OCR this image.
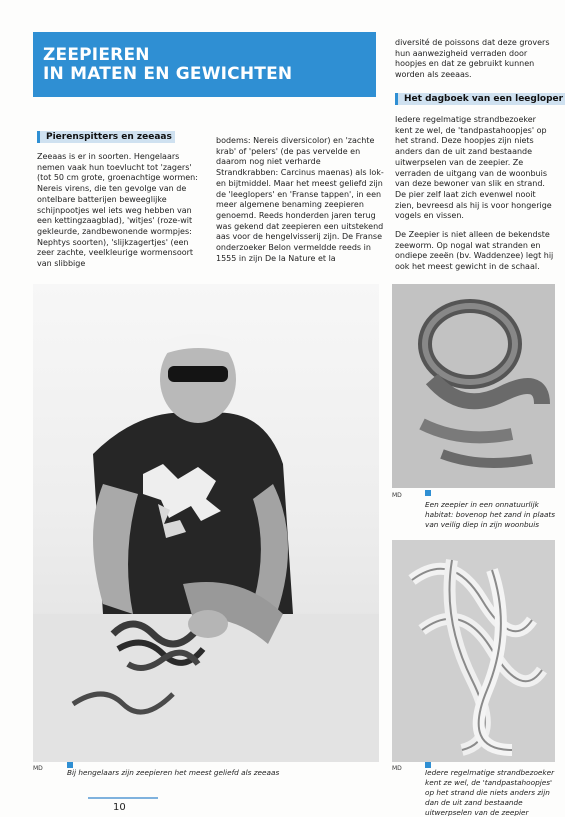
ZEEPIEREN
IN MATEN EN GEWICHTEN
Pierenspitters en zeeaas

Zeeaas is er in soorten. Hengelaars nemen vaak hun toevlucht tot 'zagers' (tot 50 cm grote, groenachtige wormen: Nereis virens, die ten gevolge van de ontelbare batterijen beweeglijke schijnpootjes wel iets weg hebben van een kettingzaagblad), 'witjes' (roze-wit gekleurde, zandbewonende wormpjes: Nephtys soorten), 'slijkzagertjes' (een zeer zachte, veelkleurige wormensoort van slibbige

bodems: Nereis diversicolor) en 'zachte krab' of 'pelers' (de pas vervelde en daarom nog niet verharde Strandkrabben: Carcinus maenas) als lok- en bijtmiddel. Maar het meest geliefd zijn de 'leeglopers' en 'Franse tappen', in een meer algemene benaming zeepieren genoemd. Reeds honderden jaren terug was gekend dat zeepieren een uitstekend aas voor de hengelvisserij zijn. De Franse onderzoeker Belon vermeldde reeds in 1555 in zijn De la Nature et la

diversité de poissons dat deze grovers hun aanwezigheid verraden door hoopjes en dat ze gebruikt kunnen worden als zeeaas.

Het dagboek van een leegloper

Iedere regelmatige strandbezoeker kent ze wel, de 'tandpastahoopjes' op het strand. Deze hoopjes zijn niets anders dan de uit zand bestaande uitwerpselen van de zeepier. Ze verraden de uitgang van de woonbuis van deze bewoner van slik en strand. De pier zelf laat zich evenwel nooit zien, bevreesd als hij is voor hongerige vogels en vissen.

De Zeepier is niet alleen de bekendste zeeworm. Op nogal wat stranden en ondiepe zeeën (bv. Waddenzee) legt hij ook het meest gewicht in de schaal.

MD	Bij hengelaars zijn zeepieren het meest geliefd als zeeaas
MD
Een zeepier in een onnatuurlijk habitat: bovenop het zand in plaats van veilig diep in zijn woonbuis
MD	Iedere regelmatige strandbezoeker kent ze wel, de 'tandpastahoopjes' op het strand die niets anders zijn dan de uit zand bestaande uitwerpselen van de zeepier
10
